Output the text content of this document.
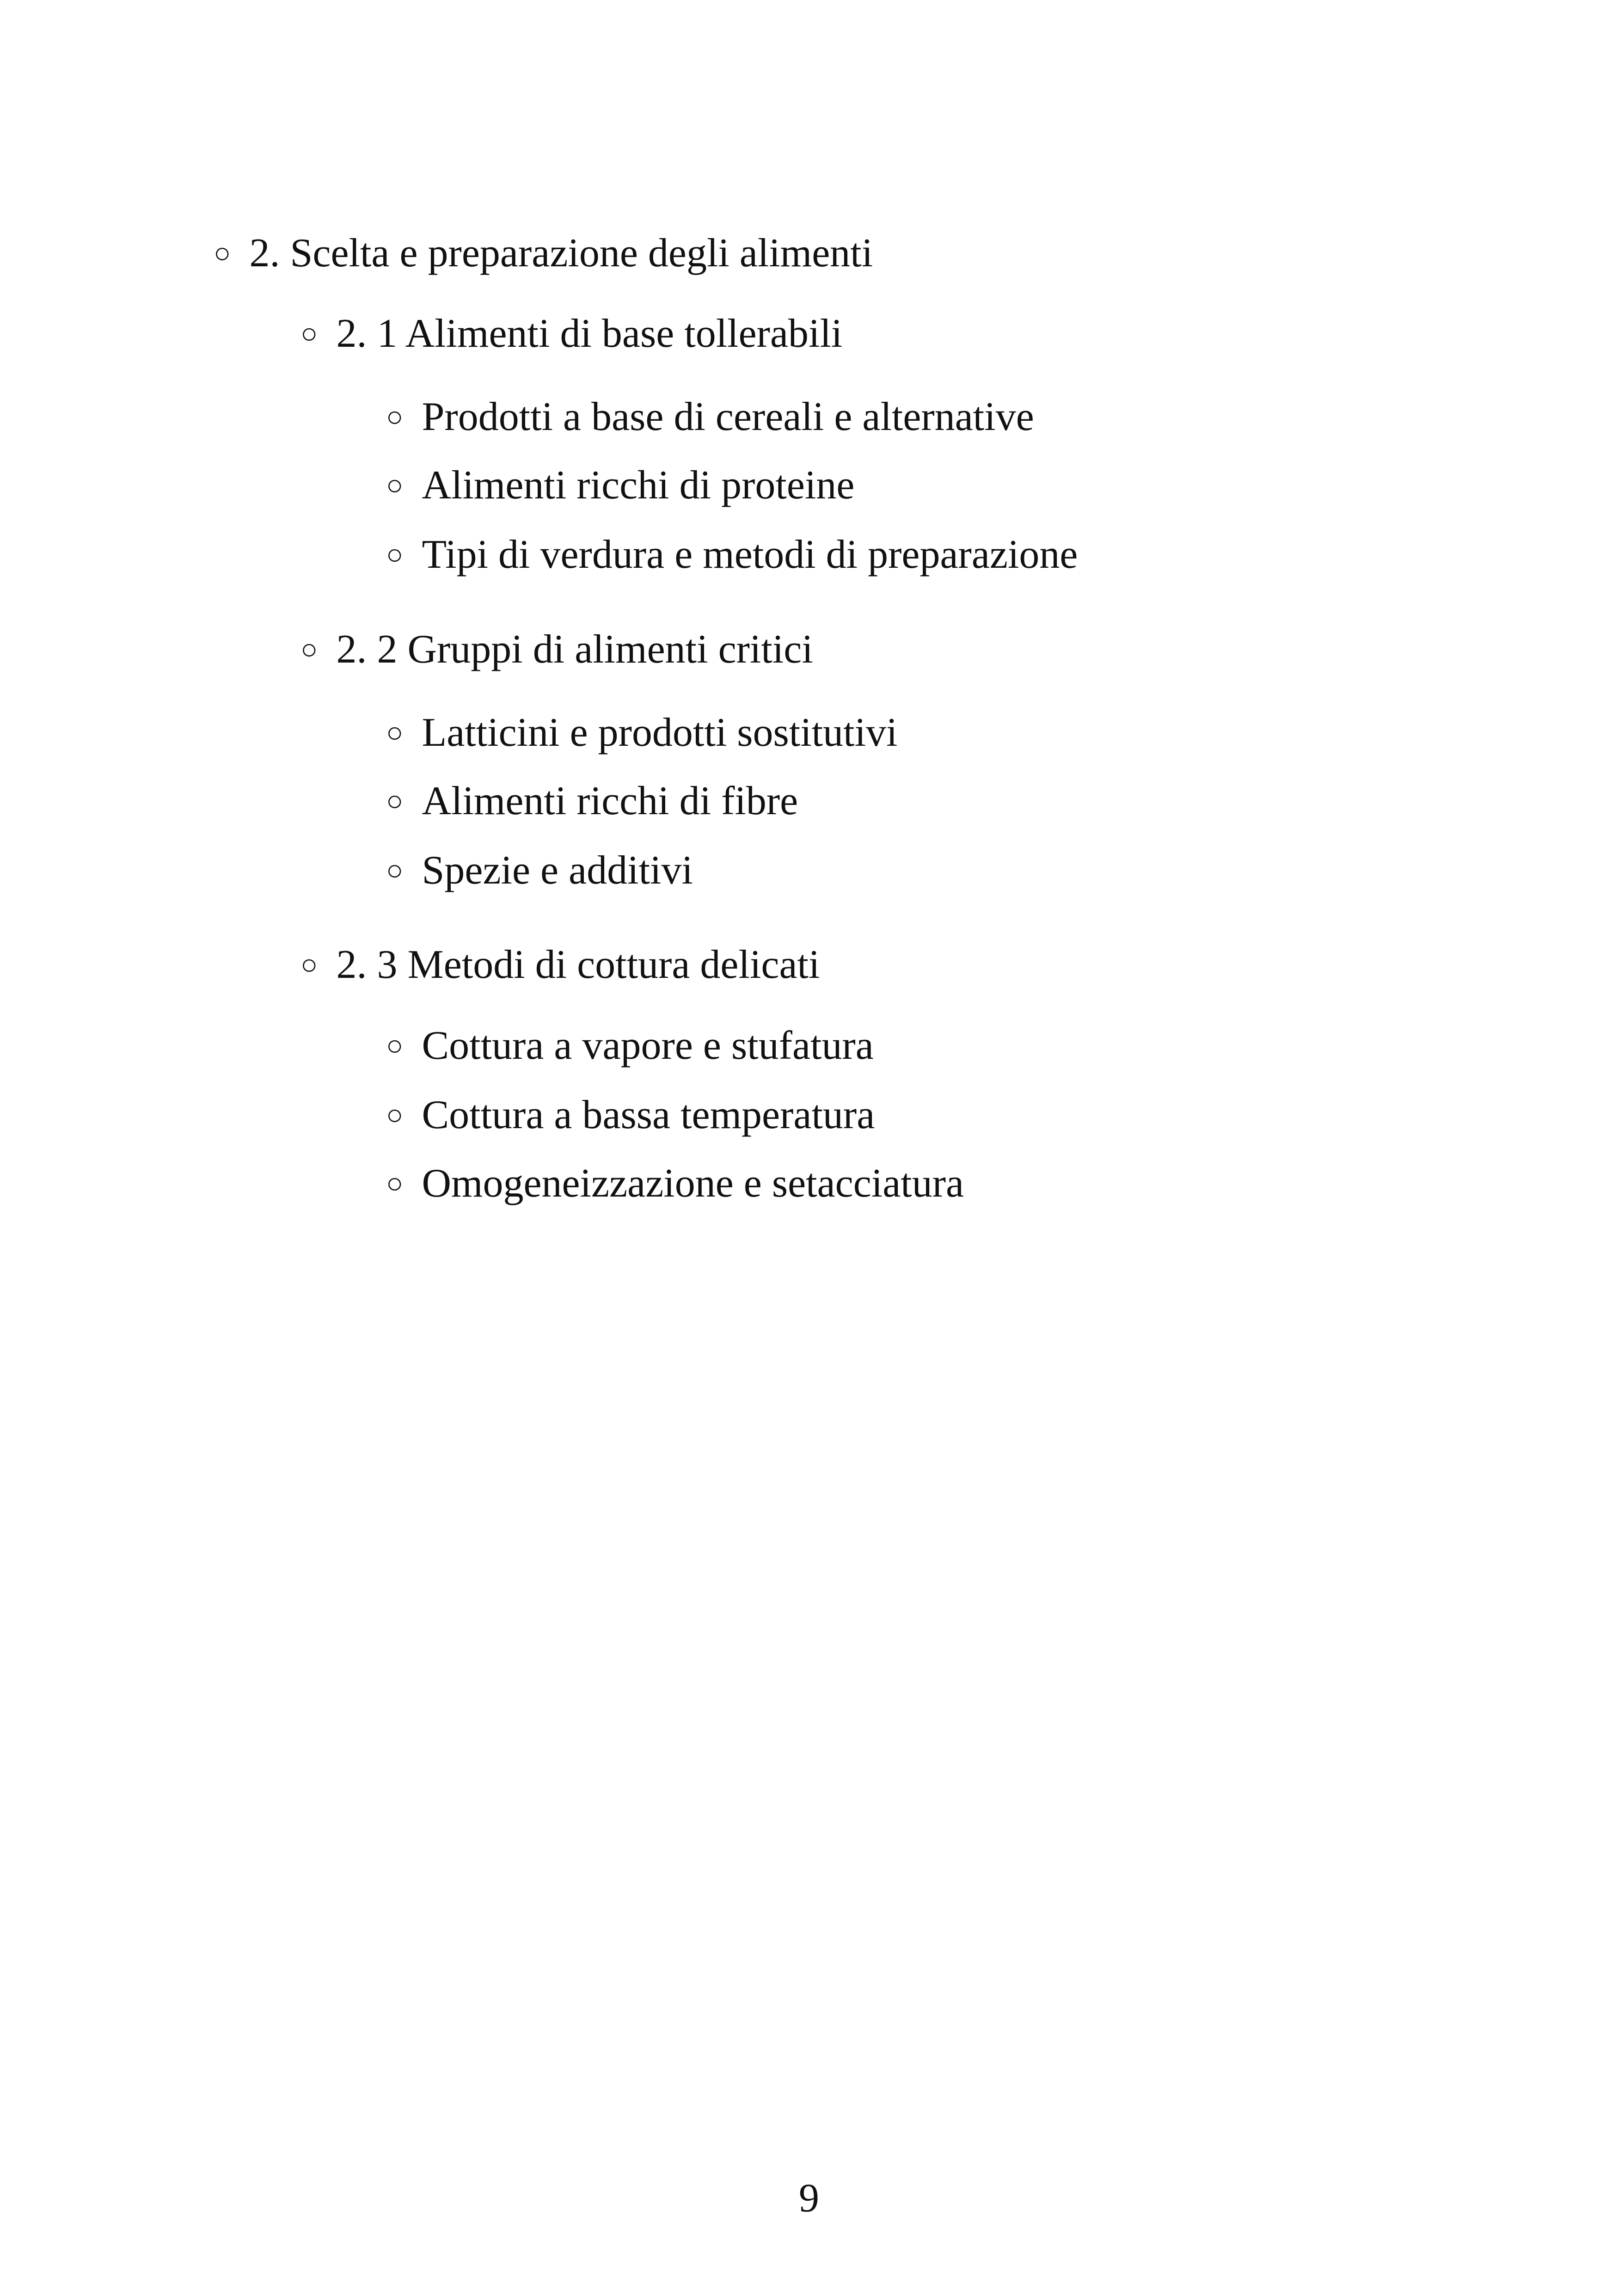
○ 2. Scelta e preparazione degli alimenti
○ 2. 1 Alimenti di base tollerabili
○ Prodotti a base di cereali e alternative
○ Alimenti ricchi di proteine
○ Tipi di verdura e metodi di preparazione
○ 2. 2 Gruppi di alimenti critici
○ Latticini e prodotti sostitutivi
○ Alimenti ricchi di fibre
○ Spezie e additivi
○ 2. 3 Metodi di cottura delicati
○ Cottura a vapore e stufatura
○ Cottura a bassa temperatura
○ Omogeneizzazione e setacciatura
9
